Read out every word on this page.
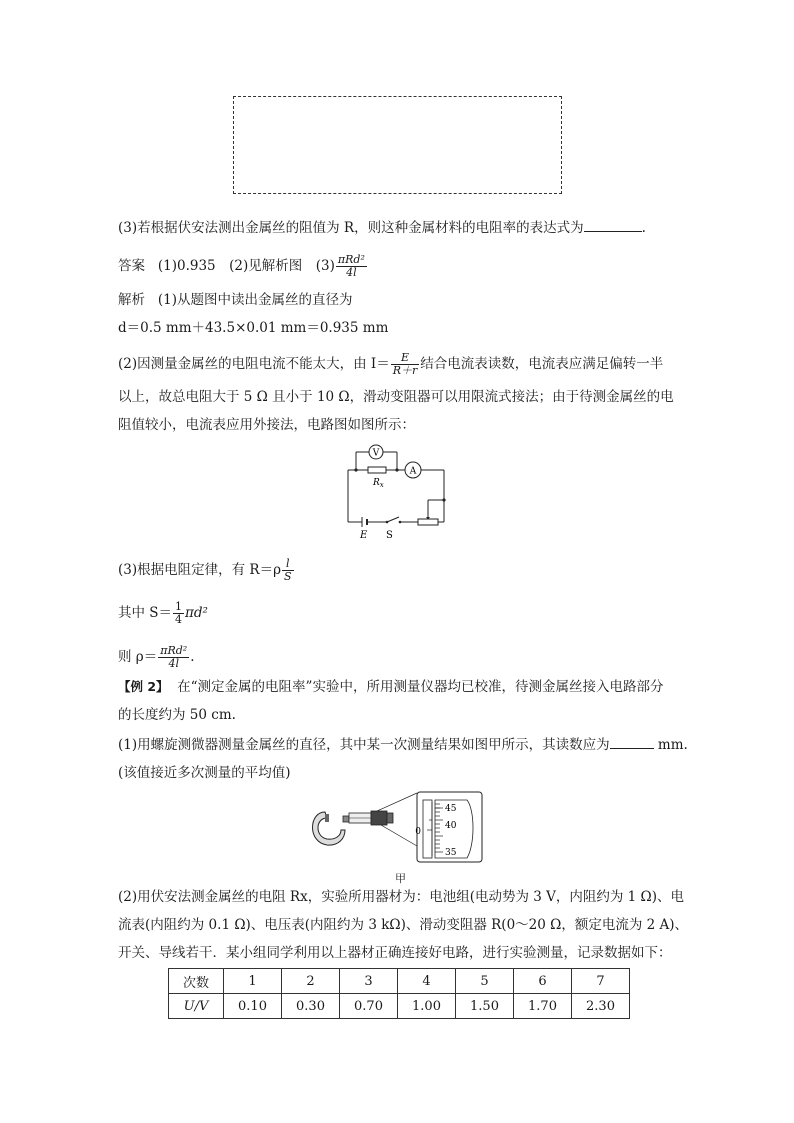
(3)若根据伏安法测出金属丝的阻值为 R，则这种金属材料的电阻率的表达式为	.
答案 (1)0.935　(2)见解析图　$(3) \frac{\text{πRd²}}{4l}$
解析 (1)从题图中读出金属丝的直径为
d＝0.5 mm＋43.5×0.01 mm＝0.935 mm
(2)因测量金属丝的电阻电流不能太大，由 $I= \frac{E}{R+r}$ 结合电流表读数，电流表应满足偏转一半
以上，故总电阻大于 5 Ω 且小于 10 Ω，滑动变阻器可以用限流式接法；由于待测金属丝的电
阻值较小，电流表应用外接法，电路图如图所示：
V
$R_x$
A
E S
(3)根据电阻定律，有 $R=\rho \frac{l}{S}$
其中 $S= \frac{1}{4} \pi d^2$
则 $\rho= \frac{\text{πRd²}}{4l}$ .
【例 2】 在“测定金属的电阻率”实验中，所用测量仪器均已校准，待测金属丝接入电路部分
的长度约为 50 cm.
(1)用螺旋测微器测量金属丝的直径，其中某一次测量结果如图甲所示，其读数应为	mm.
(该值接近多次测量的平均值)
0
45
40
35
甲
(2)用伏安法测金属丝的电阻 Rx，实验所用器材为：电池组(电动势为 3 V，内阻约为 1 Ω)、电
流表(内阻约为 0.1 Ω)、电压表(内阻约为 3 kΩ)、滑动变阻器 R(0～20 Ω，额定电流为 2 A)、
开关、导线若干．某小组同学利用以上器材正确连接好电路，进行实验测量，记录数据如下：
次数	1	2	3	4	5	6	7
U/V	0.10	0.30	0.70	1.00	1.50	1.70	2.30
